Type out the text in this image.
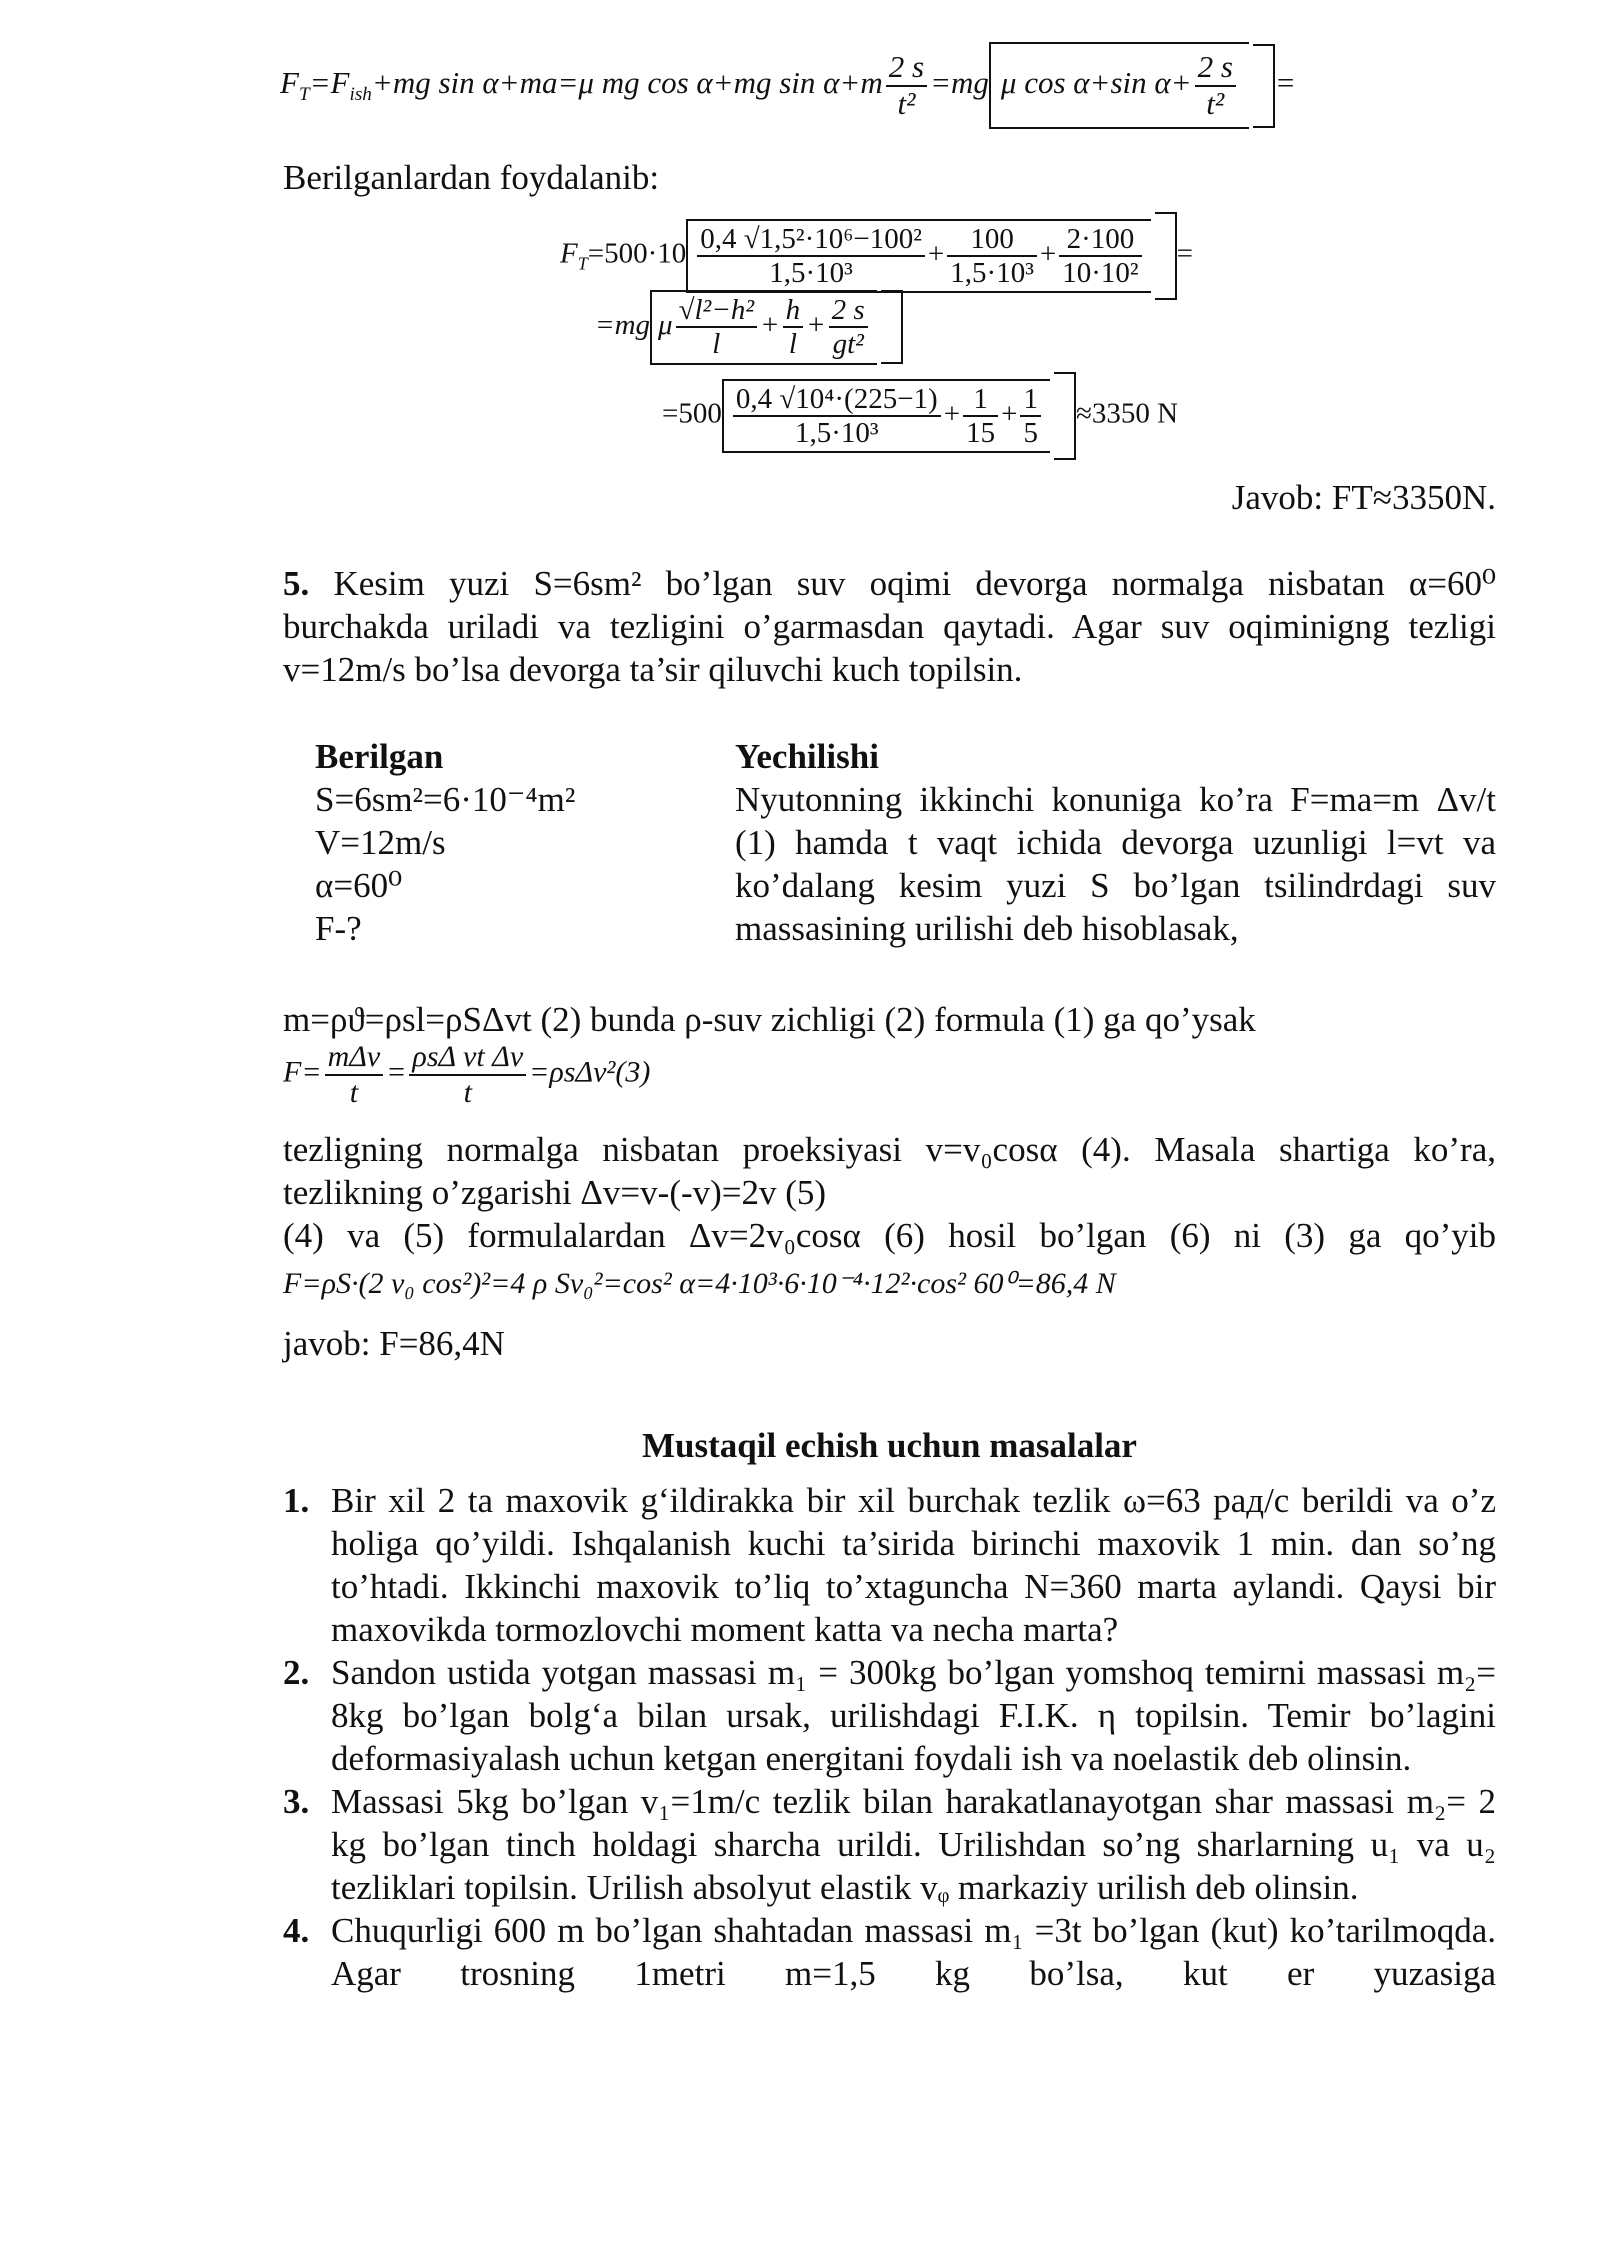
$F_T=F_{ish}+mg$ sin α+ma=μ mg cos α+mg $\sin \alpha+m \frac{2 s}{\text{t²}} =mg$ μ cos α+sin $\alpha+ \frac{2 s}{\text{t²}}$ =
Berilganlardan foydalanib:
$F_T=500\cdot 10 \frac{\text{0,4 √1,5²·10⁶−100²}}{\text{1,5·10³}} + \frac{100}{\text{1,5·10³}} + \frac{2\cdot 100}{\text{10·10²}}$ =
=mg μ $\frac{\text{√l²−h²}}{l} + \frac{h}{l} + \frac{2 s}{\text{gt²}}$
$=500 \frac{\text{0,4 √10⁴·(225−1)}}{\text{1,5·10³}} + \frac{1}{15} + \frac{1}{5} \approx 3350$ N
Javob: FT≈3350N.
5. Kesim yuzi S=6sm² bo’lgan suv oqimi devorga normalga nisbatan α=60⁰ burchakda uriladi va tezligini o’garmasdan qaytadi. Agar suv oqiminigng tezligi v=12m/s bo’lsa devorga ta’sir qiluvchi kuch topilsin.
Berilgan
S=6sm²=6·10⁻⁴m²
V=12m/s
α=60⁰
F-?
Yechilishi
Nyutonning ikkinchi konuniga ko’ra F=ma=m Δv/t (1) hamda t vaqt ichida devorga uzunligi l=vt va ko’dalang kesim yuzi S bo’lgan tsilindrdagi suv massasining urilishi deb hisoblasak,
m=ρϑ=ρsl=ρSΔvt (2) bunda ρ-suv zichligi (2) formula (1) ga qo’ysak
$F= \frac{\text{mΔv}}{t} = \frac{\text{ρsΔ vt Δv}}{t} =\rho s\Delta v^2(3)$
tezligning normalga nisbatan proeksiyasi v=v₀cosα (4). Masala shartiga ko’ra, tezlikning o’zgarishi Δv=v-(-v)=2v (5)
(4) va (5) formulalardan Δv=2v₀cosα (6) hosil bo’lgan (6) ni (3) ga qo’yib
F=ρS·(2 v₀ cos²)²=4 ρ Sv₀²=cos² α=4·10³·6·10⁻⁴·12²·cos² 60⁰=86,4 N
javob: F=86,4N
Mustaqil echish uchun masalalar
1. Bir xil 2 ta maxovik g‘ildirakka bir xil burchak tezlik ω=63 рад/с berildi va o’z holiga qo’yildi. Ishqalanish kuchi ta’sirida birinchi maxovik 1 min. dan so’ng to’htadi. Ikkinchi maxovik to’liq to’xtaguncha N=360 marta aylandi. Qaysi bir maxovikda tormozlovchi moment katta va necha marta?
2. Sandon ustida yotgan massasi m₁ = 300kg bo’lgan yomshoq temirni massasi m₂= 8kg bo’lgan bolg‘a bilan ursak, urilishdagi F.I.K. η topilsin. Temir bo’lagini deformasiyalash uchun ketgan energitani foydali ish va noelastik deb olinsin.
3. Massasi 5kg bo’lgan v₁=1m/c tezlik bilan harakatlanayotgan shar massasi m₂= 2 kg bo’lgan tinch holdagi sharcha urildi. Urilishdan so’ng sharlarning u₁ va u₂ tezliklari topilsin. Urilish absolyut elastik vᵩ markaziy urilish deb olinsin.
4. Chuqurligi 600 m bo’lgan shahtadan massasi m₁ =3t bo’lgan (kut) ko’tarilmoqda. Agar trosning 1metri m=1,5 kg bo’lsa, kut er yuzasiga
